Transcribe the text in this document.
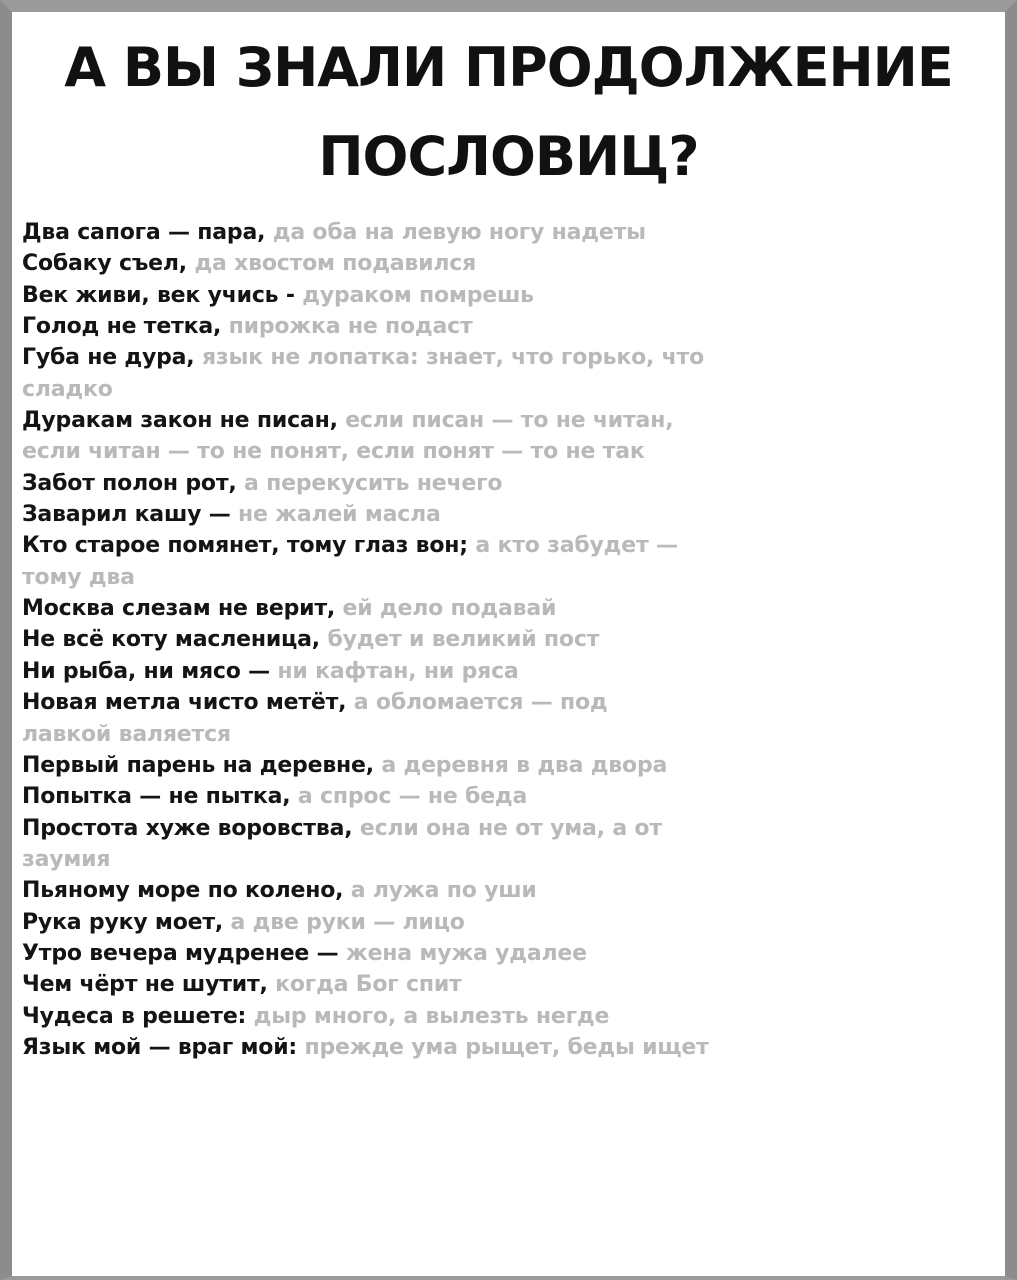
А ВЫ ЗНАЛИ ПРОДОЛЖЕНИЕ
ПОСЛОВИЦ?
Два сапога — пара, да оба на левую ногу надеты
Собаку съел, да хвостом подавился
Век живи, век учись - дураком помрешь
Голод не тетка, пирожка не подаст
Губа не дура, язык не лопатка: знает, что горько, что
сладко
Дуракам закон не писан, если писан — то не читан,
если читан — то не понят, если понят — то не так
Забот полон рот, а перекусить нечего
Заварил кашу — не жалей масла
Кто старое помянет, тому глаз вон; а кто забудет —
тому два
Москва слезам не верит, ей дело подавай
Не всё коту масленица, будет и великий пост
Ни рыба, ни мясо — ни кафтан, ни ряса
Новая метла чисто метёт, а обломается — под
лавкой валяется
Первый парень на деревне, а деревня в два двора
Попытка — не пытка, а спрос — не беда
Простота хуже воровства, если она не от ума, а от
заумия
Пьяному море по колено, а лужа по уши
Рука руку моет, а две руки — лицо
Утро вечера мудренее — жена мужа удалее
Чем чёрт не шутит, когда Бог спит
Чудеса в решете: дыр много, а вылезть негде
Язык мой — враг мой: прежде ума рыщет, беды ищет
